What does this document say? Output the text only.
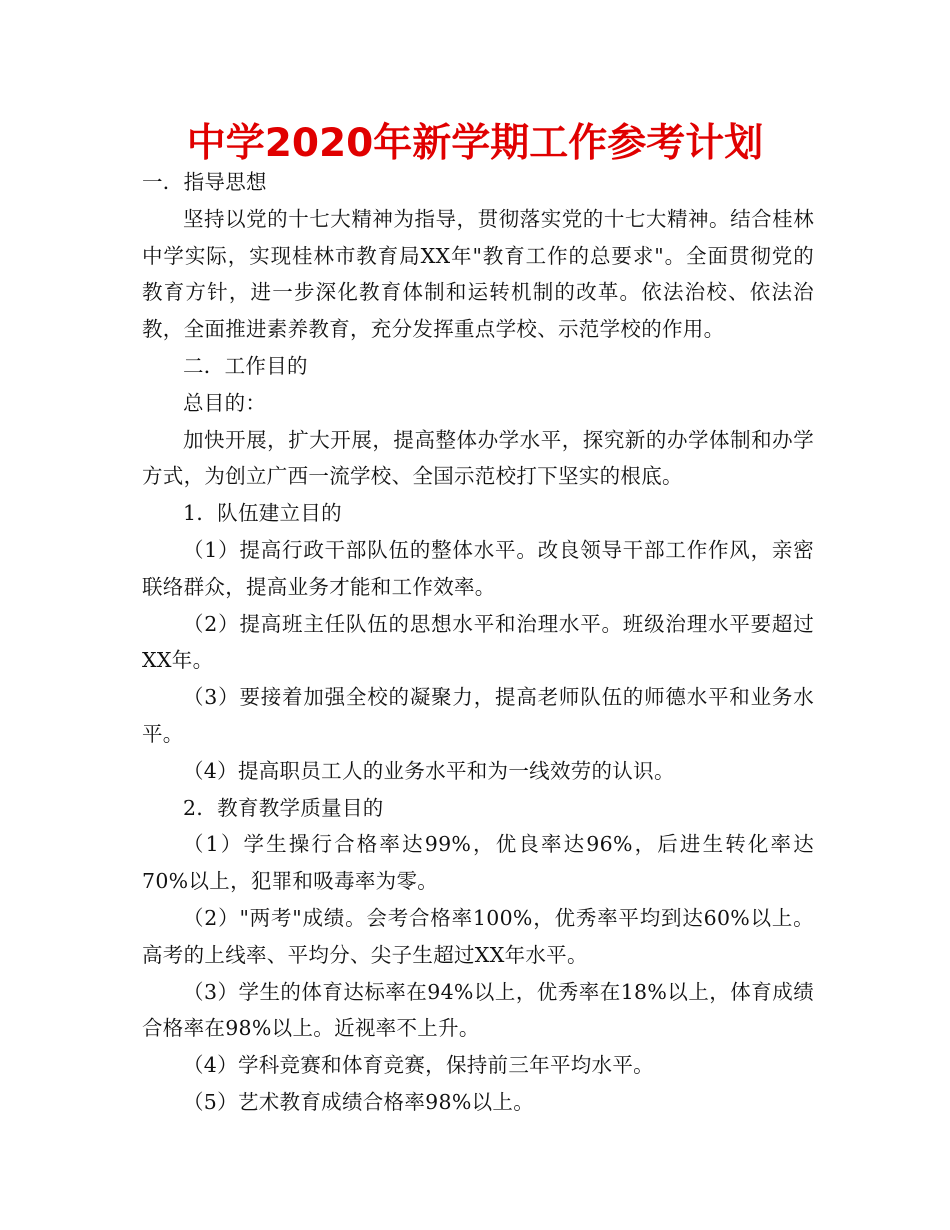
中学2020年新学期工作参考计划

一．指导思想

坚持以党的十七大精神为指导，贯彻落实党的十七大精神。结合桂林中学实际，实现桂林市教育局XX年"教育工作的总要求"。全面贯彻党的教育方针，进一步深化教育体制和运转机制的改革。依法治校、依法治教，全面推进素养教育，充分发挥重点学校、示范学校的作用。

二．工作目的

总目的：

加快开展，扩大开展，提高整体办学水平，探究新的办学体制和办学方式，为创立广西一流学校、全国示范校打下坚实的根底。

1．队伍建立目的

（1）提高行政干部队伍的整体水平。改良领导干部工作作风，亲密联络群众，提高业务才能和工作效率。

（2）提高班主任队伍的思想水平和治理水平。班级治理水平要超过XX年。

（3）要接着加强全校的凝聚力，提高老师队伍的师德水平和业务水平。

（4）提高职员工人的业务水平和为一线效劳的认识。

2．教育教学质量目的

（1）学生操行合格率达99%，优良率达96%，后进生转化率达70%以上，犯罪和吸毒率为零。

（2）"两考"成绩。会考合格率100%，优秀率平均到达60%以上。高考的上线率、平均分、尖子生超过XX年水平。

（3）学生的体育达标率在94%以上，优秀率在18%以上，体育成绩合格率在98%以上。近视率不上升。

（4）学科竞赛和体育竞赛，保持前三年平均水平。

（5）艺术教育成绩合格率98%以上。
